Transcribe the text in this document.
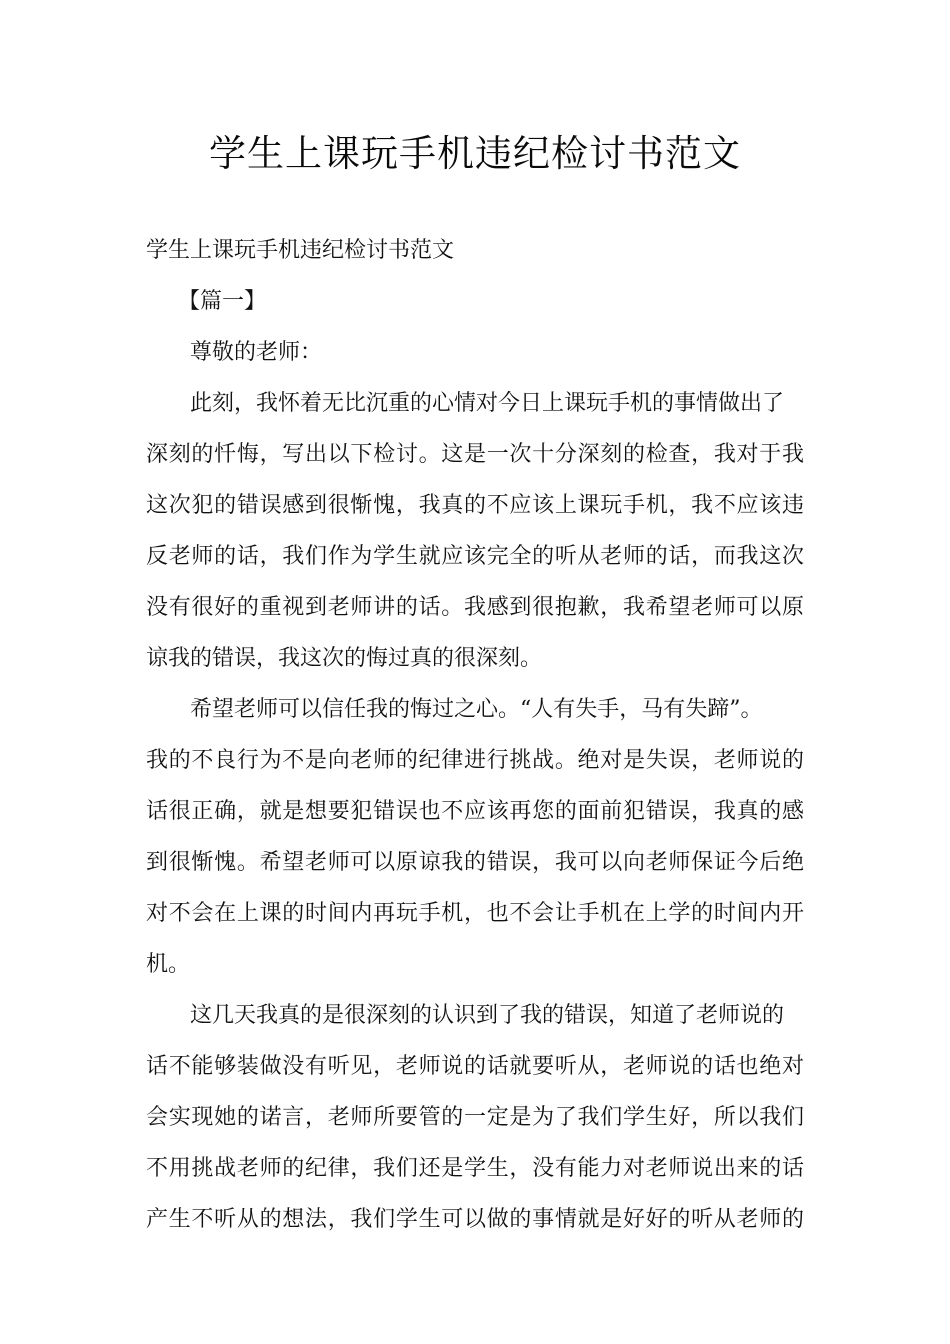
学生上课玩手机违纪检讨书范文
学生上课玩手机违纪检讨书范文
【篇一】
尊敬的老师：
此刻，我怀着无比沉重的心情对今日上课玩手机的事情做出了
深刻的忏悔，写出以下检讨。这是一次十分深刻的检查，我对于我
这次犯的错误感到很惭愧，我真的不应该上课玩手机，我不应该违
反老师的话，我们作为学生就应该完全的听从老师的话，而我这次
没有很好的重视到老师讲的话。我感到很抱歉，我希望老师可以原
谅我的错误，我这次的悔过真的很深刻。
希望老师可以信任我的悔过之心。“人有失手，马有失蹄”。
我的不良行为不是向老师的纪律进行挑战。绝对是失误，老师说的
话很正确，就是想要犯错误也不应该再您的面前犯错误，我真的感
到很惭愧。希望老师可以原谅我的错误，我可以向老师保证今后绝
对不会在上课的时间内再玩手机，也不会让手机在上学的时间内开
机。
这几天我真的是很深刻的认识到了我的错误，知道了老师说的
话不能够装做没有听见，老师说的话就要听从，老师说的话也绝对
会实现她的诺言，老师所要管的一定是为了我们学生好，所以我们
不用挑战老师的纪律，我们还是学生，没有能力对老师说出来的话
产生不听从的想法，我们学生可以做的事情就是好好的听从老师的
